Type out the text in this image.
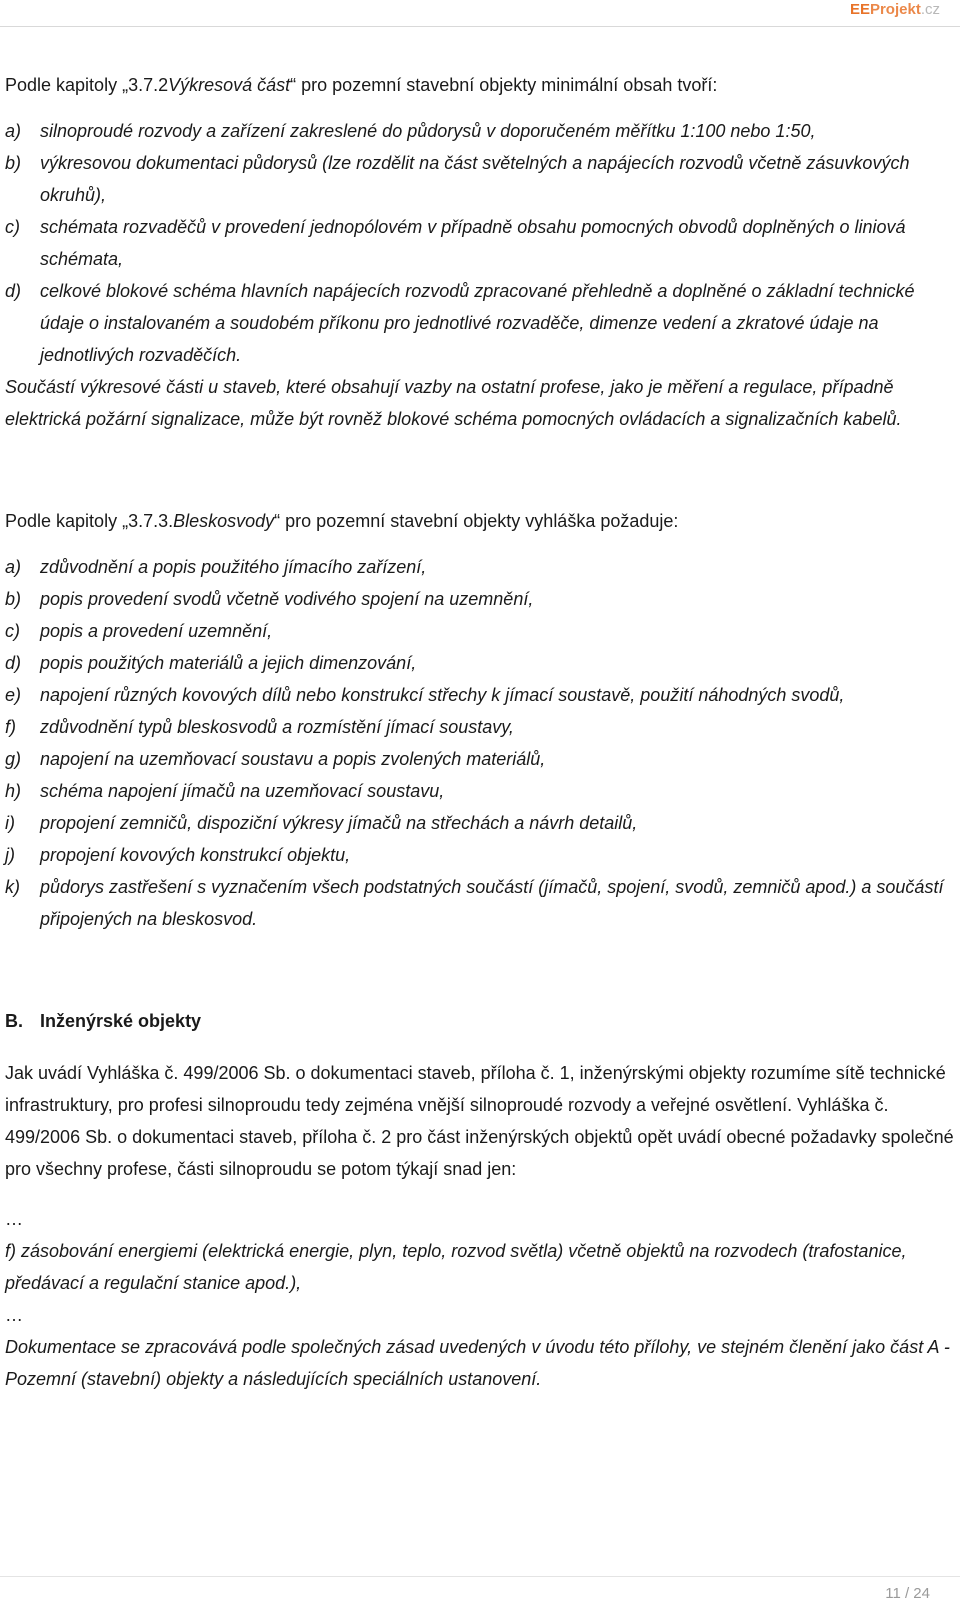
EEProjekt.cz

Podle kapitoly „3.7.2Výkresová část“ pro pozemní stavební objekty minimální obsah tvoří:

a) silnoproudé rozvody a zařízení zakreslené do půdorysů v doporučeném měřítku 1:100 nebo 1:50,
b) výkresovou dokumentaci půdorysů (lze rozdělit na část světelných a napájecích rozvodů včetně zásuvkových okruhů),
c) schémata rozvaděčů v provedení jednopólovém v případně obsahu pomocných obvodů doplněných o liniová schémata,
d) celkové blokové schéma hlavních napájecích rozvodů zpracované přehledně a doplněné o základní technické údaje o instalovaném a soudobém příkonu pro jednotlivé rozvaděče, dimenze vedení a zkratové údaje na jednotlivých rozvaděčích.

Součástí výkresové části u staveb, které obsahují vazby na ostatní profese, jako je měření a regulace, případně elektrická požární signalizace, může být rovněž blokové schéma pomocných ovládacích a signalizačních kabelů.

Podle kapitoly „3.7.3.Bleskosvody“ pro pozemní stavební objekty vyhláška požaduje:

a) zdůvodnění a popis použitého jímacího zařízení,
b) popis provedení svodů včetně vodivého spojení na uzemnění,
c) popis a provedení uzemnění,
d) popis použitých materiálů a jejich dimenzování,
e) napojení různých kovových dílů nebo konstrukcí střechy k jímací soustavě, použití náhodných svodů,
f) zdůvodnění typů bleskosvodů a rozmístění jímací soustavy,
g) napojení na uzemňovací soustavu a popis zvolených materiálů,
h) schéma napojení jímačů na uzemňovací soustavu,
i) propojení zemničů, dispoziční výkresy jímačů na střechách a návrh detailů,
j) propojení kovových konstrukcí objektu,
k) půdorys zastřešení s vyznačením všech podstatných součástí (jímačů, spojení, svodů, zemničů apod.) a součástí připojených na bleskosvod.
B. Inženýrské objekty

Jak uvádí Vyhláška č. 499/2006 Sb. o dokumentaci staveb, příloha č. 1, inženýrskými objekty rozumíme sítě technické infrastruktury, pro profesi silnoproudu tedy zejména vnější silnoproudé rozvody a veřejné osvětlení. Vyhláška č. 499/2006 Sb. o dokumentaci staveb, příloha č. 2 pro část inženýrských objektů opět uvádí obecné požadavky společné pro všechny profese, části silnoproudu se potom týkají snad jen:

…

f) zásobování energiemi (elektrická energie, plyn, teplo, rozvod světla) včetně objektů na rozvodech (trafostanice, předávací a regulační stanice apod.),

…

Dokumentace se zpracovává podle společných zásad uvedených v úvodu této přílohy, ve stejném členění jako část A - Pozemní (stavební) objekty a následujících speciálních ustanovení.

11 / 24
